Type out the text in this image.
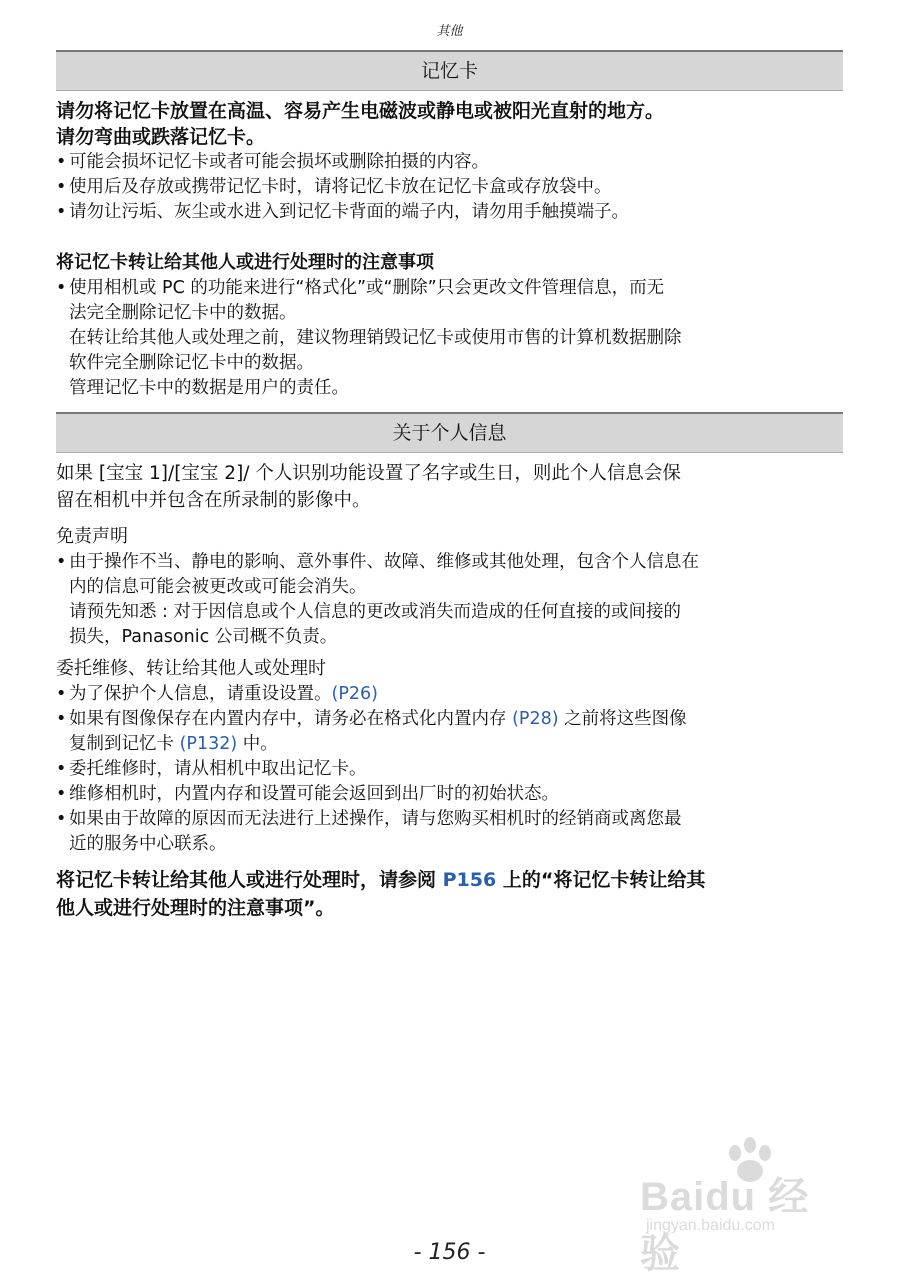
其他
记忆卡

请勿将记忆卡放置在高温、容易产生电磁波或静电或被阳光直射的地方。

请勿弯曲或跌落记忆卡。

• 可能会损坏记忆卡或者可能会损坏或删除拍摄的内容。
• 使用后及存放或携带记忆卡时，请将记忆卡放在记忆卡盒或存放袋中。
• 请勿让污垢、灰尘或水进入到记忆卡背面的端子内，请勿用手触摸端子。

将记忆卡转让给其他人或进行处理时的注意事项

• 使用相机或 PC 的功能来进行“格式化”或“删除”只会更改文件管理信息，而无
法完全删除记忆卡中的数据。

在转让给其他人或处理之前，建议物理销毁记忆卡或使用市售的计算机数据删除

软件完全删除记忆卡中的数据。

管理记忆卡中的数据是用户的责任。

关于个人信息

如果 [宝宝 1]/[宝宝 2]/ 个人识别功能设置了名字或生日，则此个人信息会保

留在相机中并包含在所录制的影像中。

免责声明

• 由于操作不当、静电的影响、意外事件、故障、维修或其他处理，包含个人信息在
内的信息可能会被更改或可能会消失。

请预先知悉 : 对于因信息或个人信息的更改或消失而造成的任何直接的或间接的

损失，Panasonic 公司概不负责。

委托维修、转让给其他人或处理时

• 为了保护个人信息，请重设设置。(P26)
• 如果有图像保存在内置内存中，请务必在格式化内置内存 (P28) 之前将这些图像
复制到记忆卡 (P132) 中。
• 委托维修时，请从相机中取出记忆卡。
• 维修相机时，内置内存和设置可能会返回到出厂时的初始状态。
• 如果由于故障的原因而无法进行上述操作，请与您购买相机时的经销商或离您最
近的服务中心联系。

将记忆卡转让给其他人或进行处理时，请参阅 P156 上的“将记忆卡转让给其

他人或进行处理时的注意事项”。

Baidu 经验
jingyan.baidu.com
- 156 -
